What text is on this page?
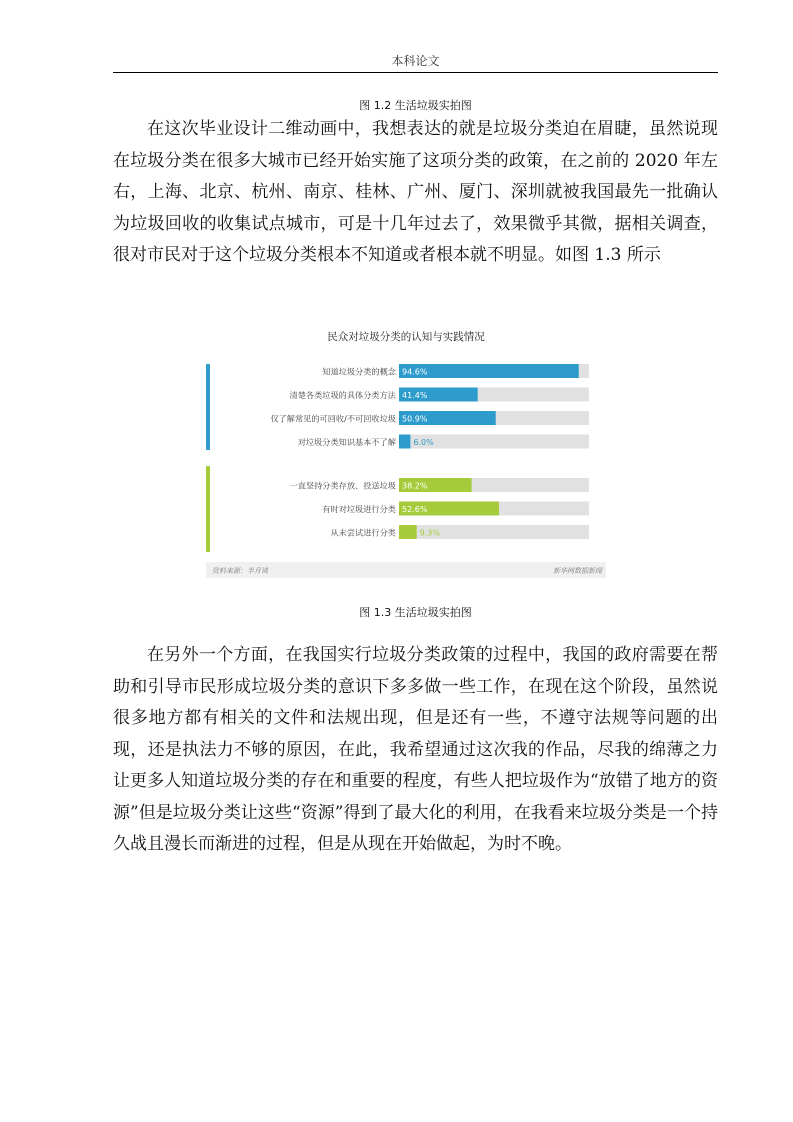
本科论文
图 1.2 生活垃圾实拍图

在这次毕业设计二维动画中，我想表达的就是垃圾分类迫在眉睫，虽然说现在垃圾分类在很多大城市已经开始实施了这项分类的政策，在之前的 2020 年左右，上海、北京、杭州、南京、桂林、广州、厦门、深圳就被我国最先一批确认为垃圾回收的收集试点城市，可是十几年过去了，效果微乎其微，据相关调查，很对市民对于这个垃圾分类根本不知道或者根本就不明显。如图 1.3 所示

民众对垃圾分类的认知与实践情况
认知
知道垃圾分类的概念 94.6%
清楚各类垃圾的具体分类方法 41.4%
仅了解常见的可回收/不可回收垃圾 50.9%
对垃圾分类知识基本不了解 6.0%
实践
一直坚持分类存放、投送垃圾 38.2%
有时对垃圾进行分类 52.6%
从未尝试进行分类	9.3%
资料来源：半月谈	新华网数据新闻
图 1.3 生活垃圾实拍图

在另外一个方面，在我国实行垃圾分类政策的过程中，我国的政府需要在帮助和引导市民形成垃圾分类的意识下多多做一些工作，在现在这个阶段，虽然说很多地方都有相关的文件和法规出现，但是还有一些，不遵守法规等问题的出现，还是执法力不够的原因，在此，我希望通过这次我的作品，尽我的绵薄之力让更多人知道垃圾分类的存在和重要的程度，有些人把垃圾作为“放错了地方的资源”但是垃圾分类让这些“资源”得到了最大化的利用，在我看来垃圾分类是一个持久战且漫长而渐进的过程，但是从现在开始做起，为时不晚。
